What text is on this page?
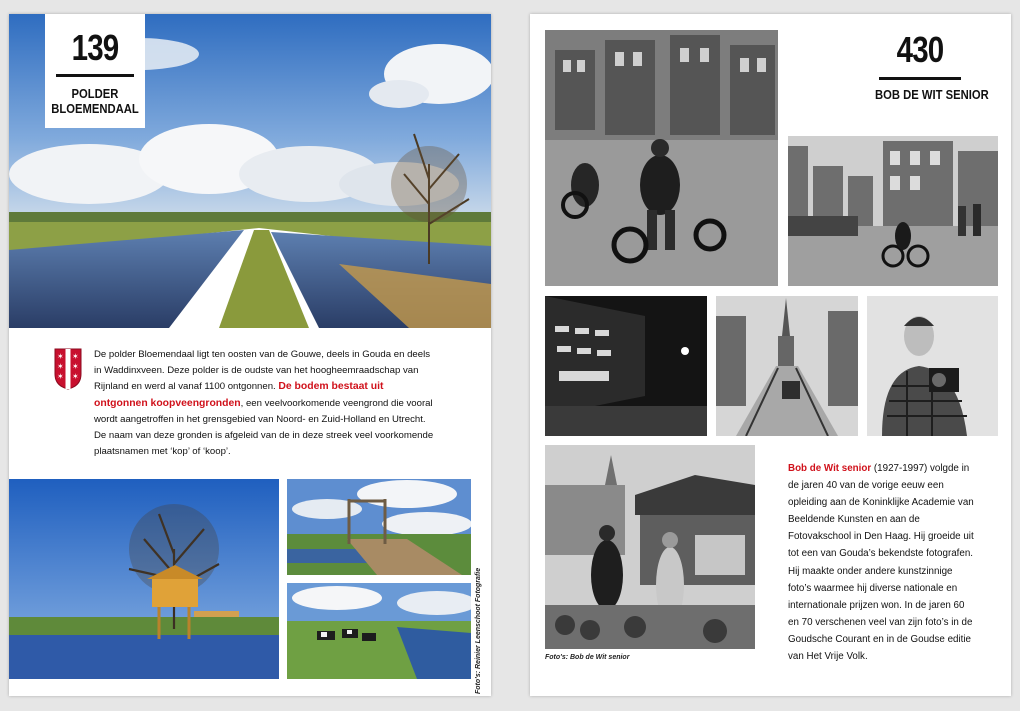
139
POLDER
BLOEMENDAAL
✶
✶
✶
✶
✶
✶
De polder Bloemendaal ligt ten oosten van de Gouwe, deels in Gouda en deels in Waddinxveen. Deze polder is de oudste van het hoogheemraadschap van Rijnland en werd al vanaf 1100 ontgonnen. De bodem bestaat uit ontgonnen koopveengronden, een veelvoorkomende veengrond die vooral wordt aangetroffen in het grensgebied van Noord- en Zuid-Holland en Utrecht. De naam van deze gronden is afgeleid van de in deze streek veel voorkomende plaatsnamen met ‘kop’ of ‘koop’.
Foto's: Reinier Leenschoot Fotografie
430
BOB DE WIT SENIOR
Foto's: Bob de Wit senior
Bob de Wit senior (1927-1997) volgde in de jaren 40 van de vorige eeuw een opleiding aan de Koninklijke Academie van Beeldende Kunsten en aan de Fotovakschool in Den Haag. Hij groeide uit tot een van Gouda’s bekendste fotografen. Hij maakte onder andere kunstzinnige foto’s waarmee hij diverse nationale en internationale prijzen won. In de jaren 60 en 70 verschenen veel van zijn foto’s in de Goudsche Courant en in de Goudse editie van Het Vrije Volk.
